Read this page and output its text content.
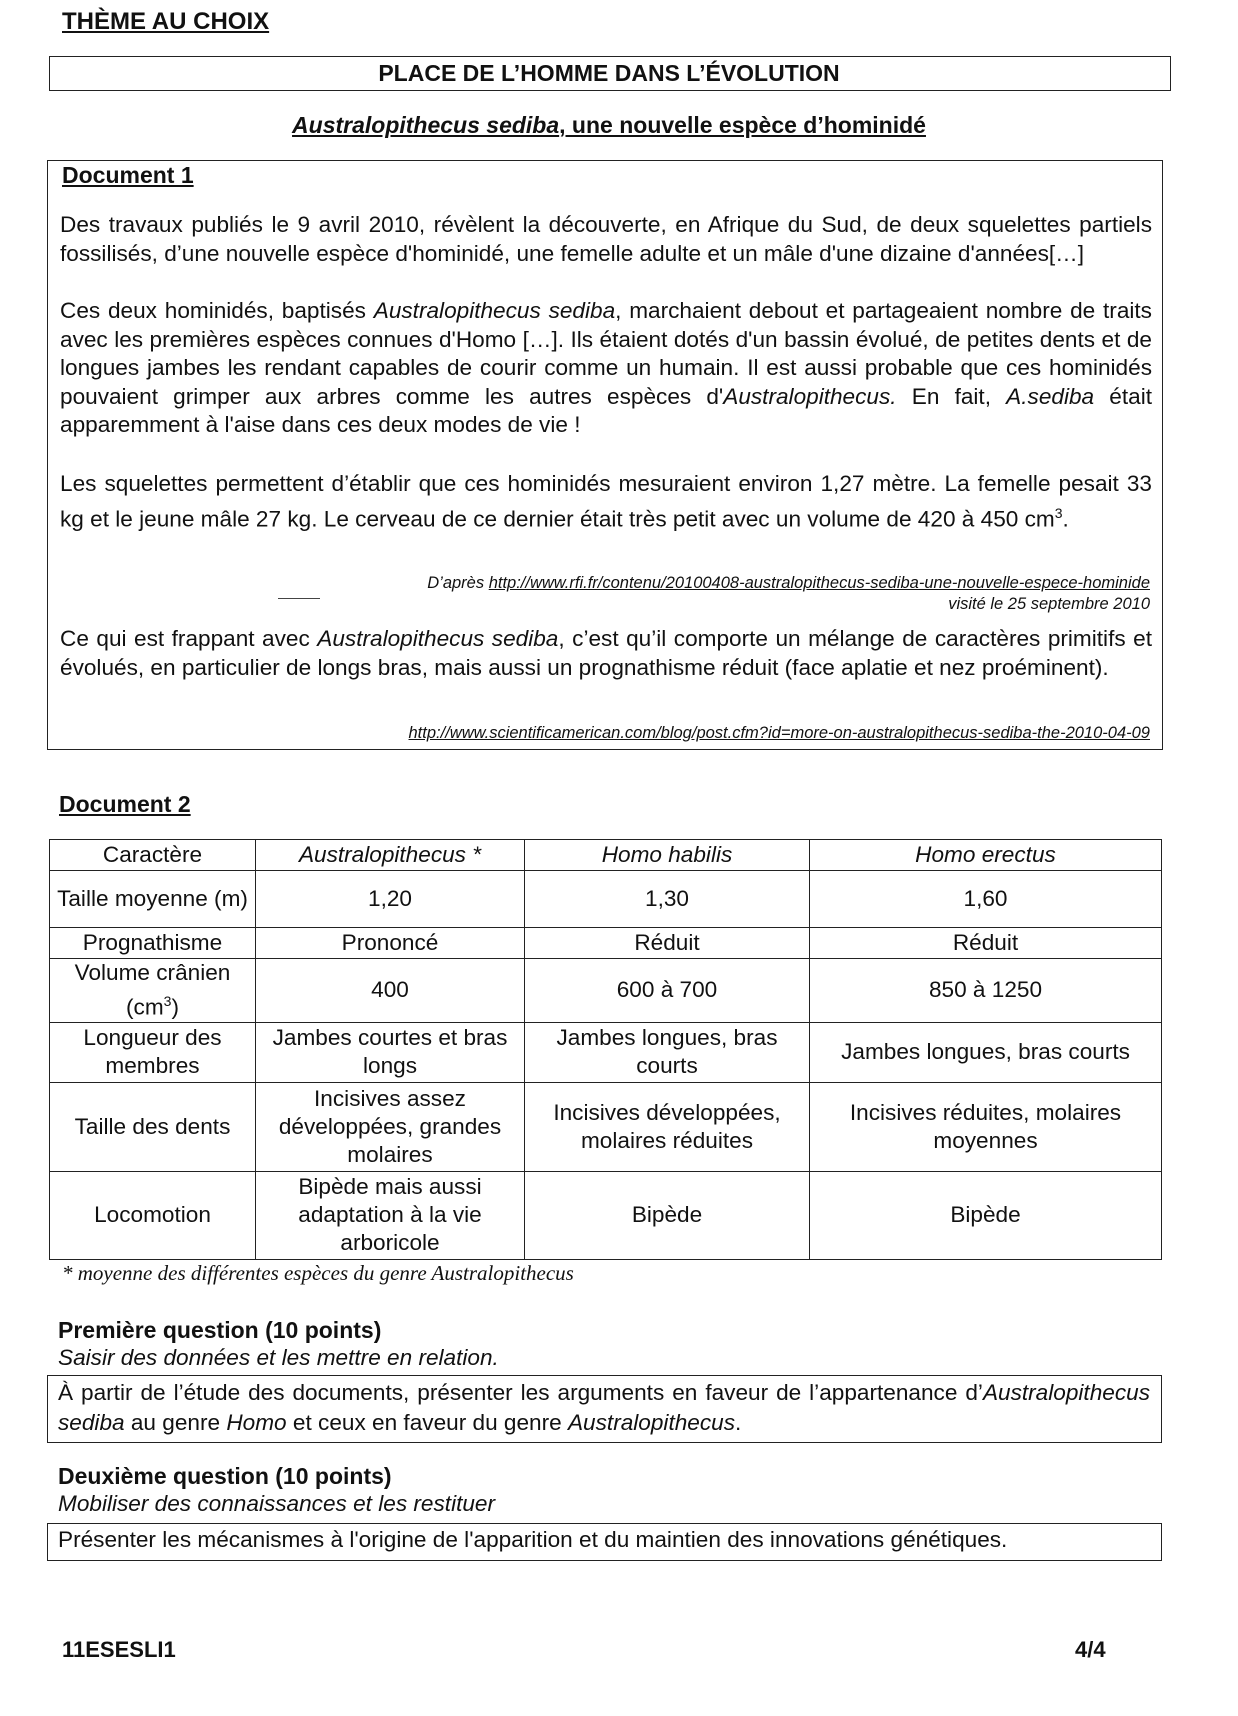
THÈME AU CHOIX
PLACE DE L’HOMME DANS L’ÉVOLUTION
Australopithecus sediba, une nouvelle espèce d’hominidé
Document 1
Des travaux publiés le 9 avril 2010, révèlent la découverte, en Afrique du Sud, de deux squelettes partiels fossilisés, d’une nouvelle espèce d'hominidé, une femelle adulte et un mâle d'une dizaine d'années[…]
Ces deux hominidés, baptisés Australopithecus sediba, marchaient debout et partageaient nombre de traits avec les premières espèces connues d'Homo […]. Ils étaient dotés d'un bassin évolué, de petites dents et de longues jambes les rendant capables de courir comme un humain. Il est aussi probable que ces hominidés pouvaient grimper aux arbres comme les autres espèces d'Australopithecus. En fait, A.sediba était apparemment à l'aise dans ces deux modes de vie !
Les squelettes permettent d’établir que ces hominidés mesuraient environ 1,27 mètre. La femelle pesait 33 kg et le jeune mâle 27 kg. Le cerveau de ce dernier était très petit avec un volume de 420 à 450 $cm^3$.
D’après http://www.rfi.fr/contenu/20100408-australopithecus-sediba-une-nouvelle-espece-hominide visité le 25 septembre 2010
Ce qui est frappant avec Australopithecus sediba, c’est qu’il comporte un mélange de caractères primitifs et évolués, en particulier de longs bras, mais aussi un prognathisme réduit (face aplatie et nez proéminent).
http://www.scientificamerican.com/blog/post.cfm?id=more-on-australopithecus-sediba-the-2010-04-09
Document 2
Caractère	Australopithecus *	Homo habilis	Homo erectus
Taille moyenne (m)	1,20	1,30	1,60
Prognathisme	Prononcé	Réduit	Réduit
Volume crânien $(cm^3)$	400	600 à 700	850 à 1250
Longueur des membres	Jambes courtes et bras longs	Jambes longues, bras courts	Jambes longues, bras courts
Taille des dents	Incisives assez développées, grandes molaires	Incisives développées, molaires réduites	Incisives réduites, molaires moyennes
Locomotion	Bipède mais aussi adaptation à la vie arboricole	Bipède	Bipède
* moyenne des différentes espèces du genre Australopithecus
Première question (10 points)
Saisir des données et les mettre en relation.
À partir de l’étude des documents, présenter les arguments en faveur de l’appartenance d’Australopithecus sediba au genre Homo et ceux en faveur du genre Australopithecus.
Deuxième question (10 points)
Mobiliser des connaissances et les restituer
Présenter les mécanismes à l'origine de l'apparition et du maintien des innovations génétiques.
11ESESLI1	4/4
